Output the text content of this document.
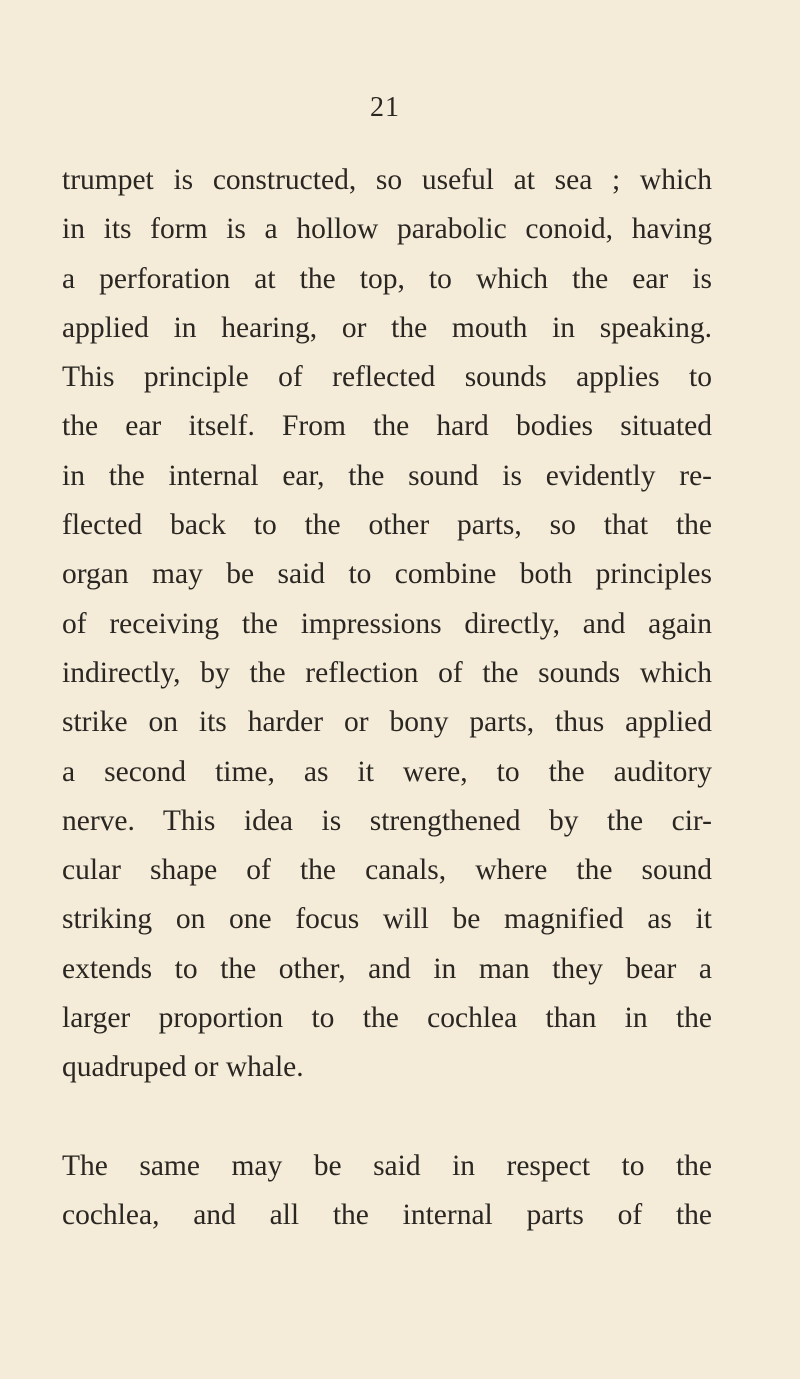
21
trumpet is constructed, so useful at sea ; which
in its form is a hollow parabolic conoid, having
a perforation at the top, to which the ear is
applied in hearing, or the mouth in speaking.
This principle of reflected sounds applies to
the ear itself. From the hard bodies situated
in the internal ear, the sound is evidently re-
flected back to the other parts, so that the
organ may be said to combine both principles
of receiving the impressions directly, and again
indirectly, by the reflection of the sounds which
strike on its harder or bony parts, thus applied
a second time, as it were, to the auditory
nerve. This idea is strengthened by the cir-
cular shape of the canals, where the sound
striking on one focus will be magnified as it
extends to the other, and in man they bear a
larger proportion to the cochlea than in the
quadruped or whale.
The same may be said in respect to the
cochlea, and all the internal parts of the
